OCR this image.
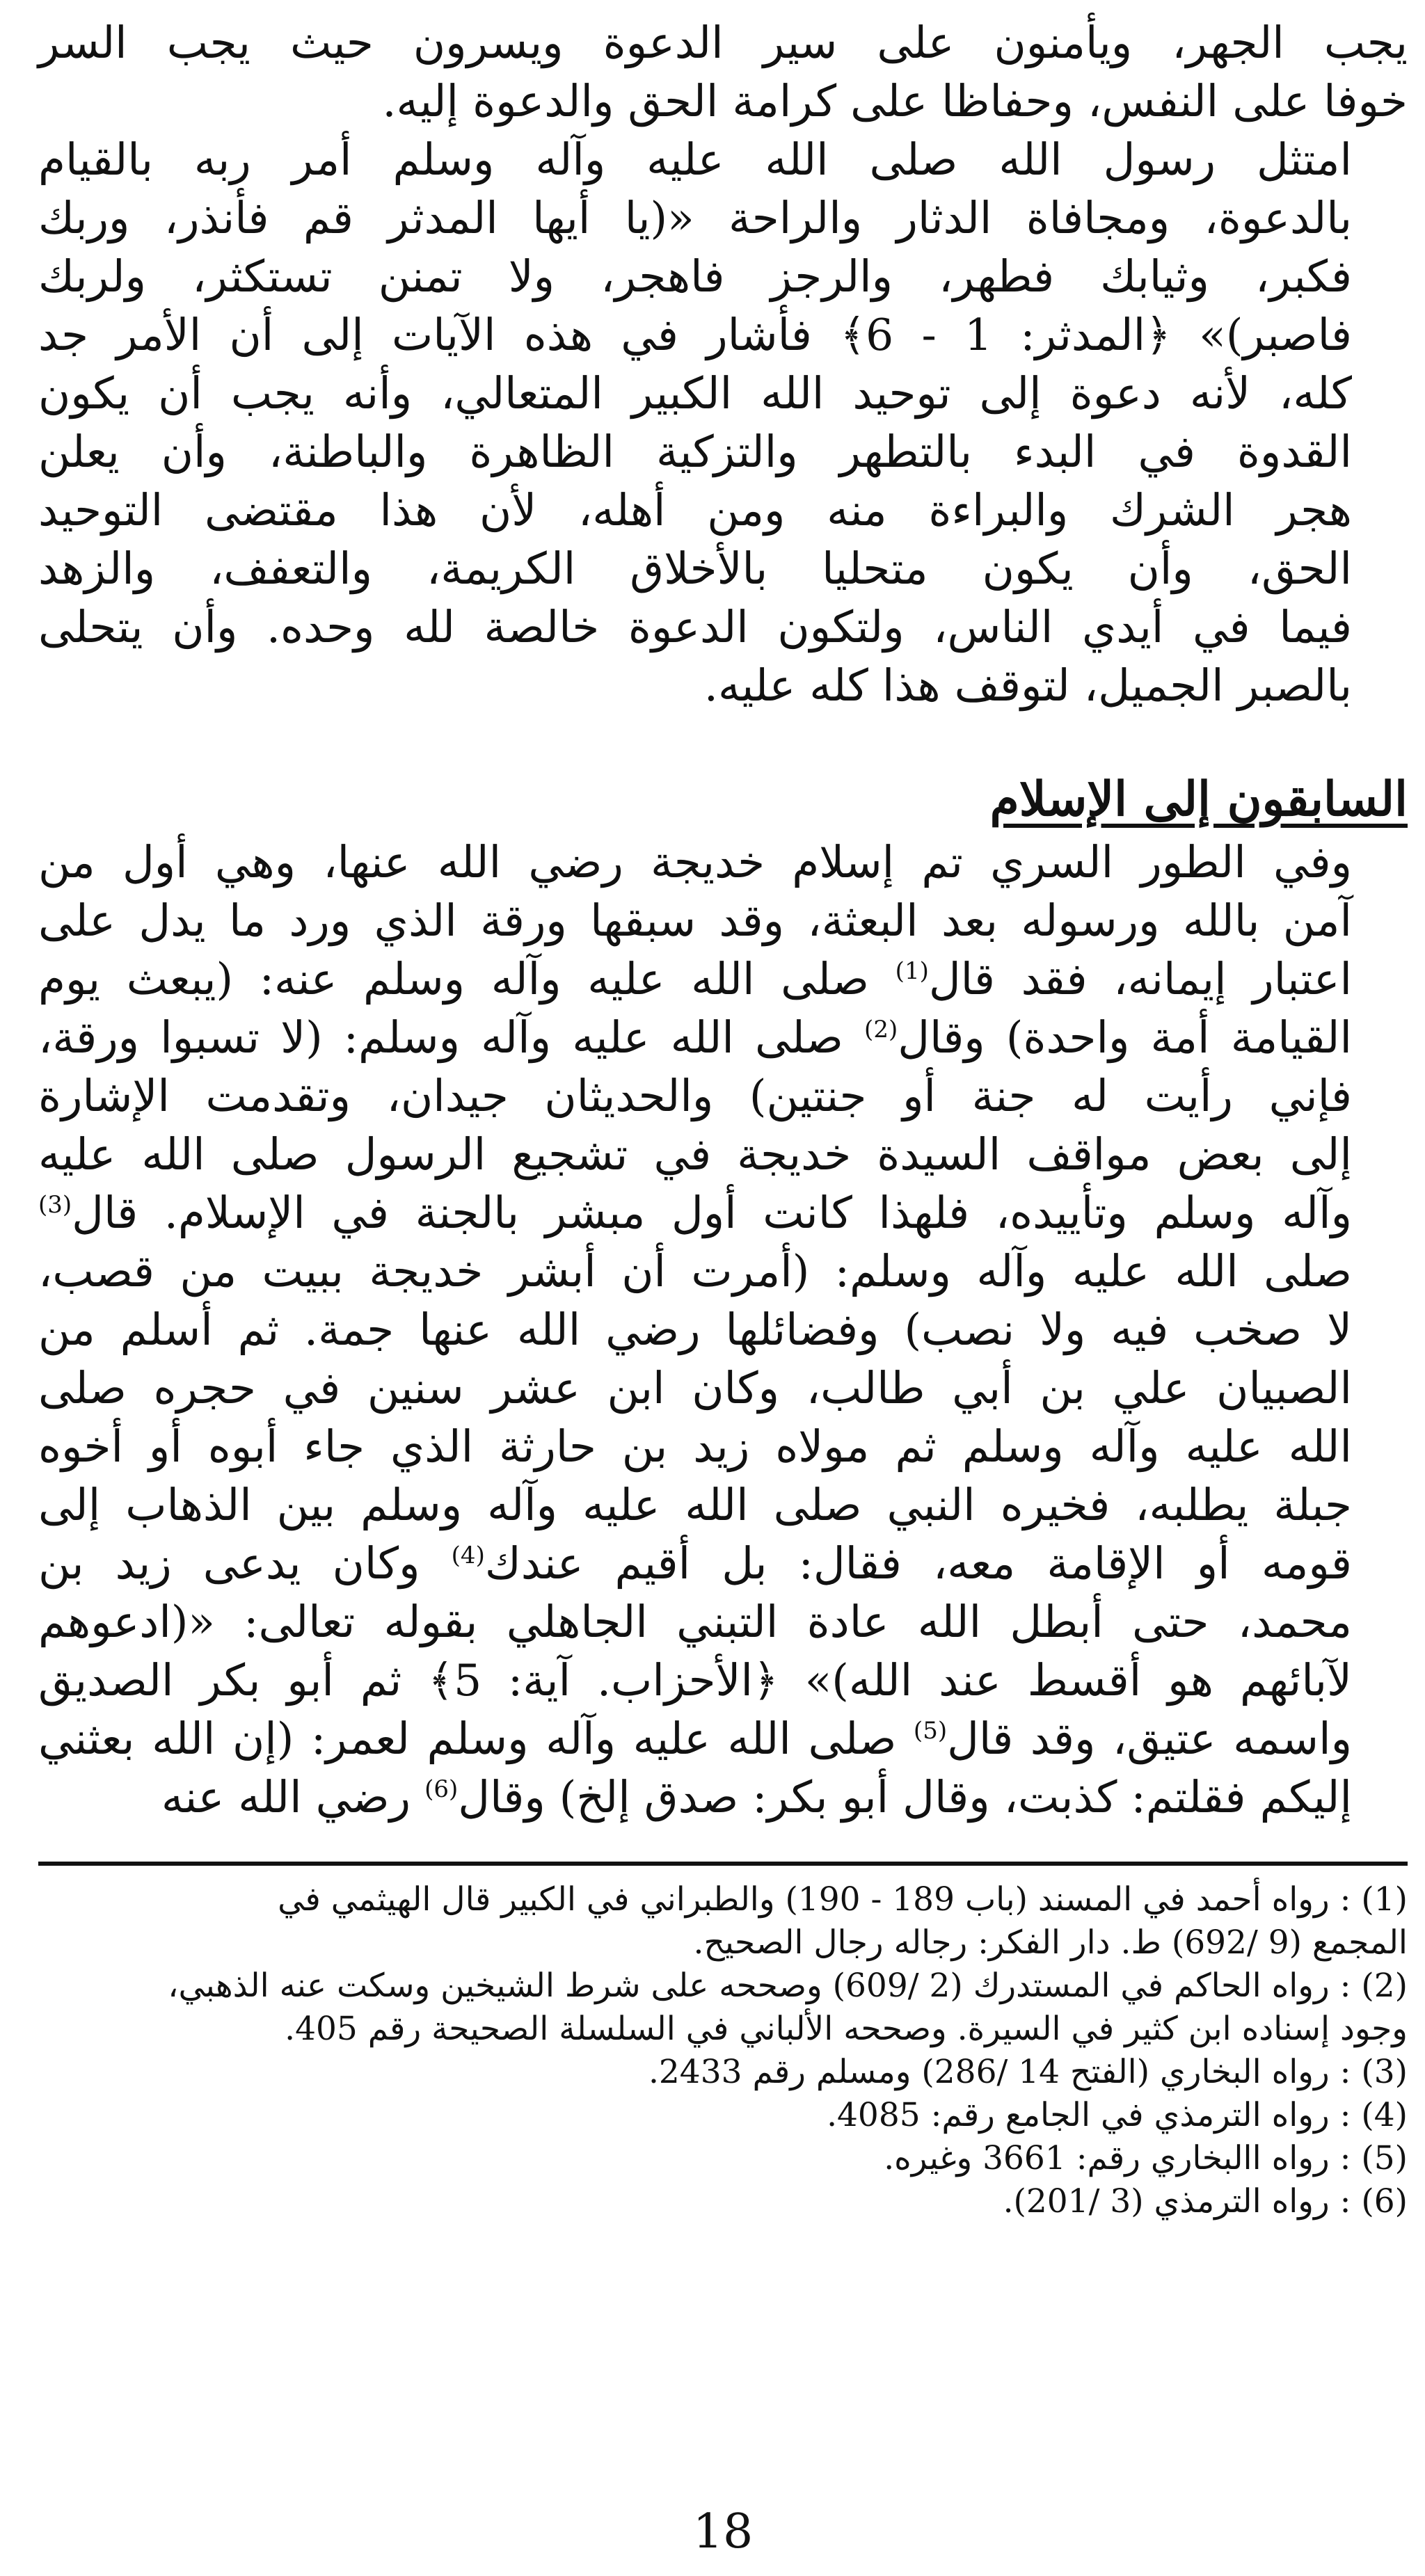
يجب الجهر، ويأمنون على سير الدعوة ويسرون حيث يجب السر
خوفا على النفس، وحفاظا على كرامة الحق والدعوة إليه.

امتثل رسول الله صلى الله عليه وآله وسلم أمر ربه بالقيام
بالدعوة، ومجافاة الدثار والراحة «(يا أيها المدثر قم فأنذر، وربك
فكبر، وثيابك فطهر، والرجز فاهجر، ولا تمنن تستكثر، ولربك
فاصبر)» ﴿المدثر: 1 - 6﴾ فأشار في هذه الآيات إلى أن الأمر جد
كله، لأنه دعوة إلى توحيد الله الكبير المتعالي، وأنه يجب أن يكون
القدوة في البدء بالتطهر والتزكية الظاهرة والباطنة، وأن يعلن
هجر الشرك والبراءة منه ومن أهله، لأن هذا مقتضى التوحيد
الحق، وأن يكون متحليا بالأخلاق الكريمة، والتعفف، والزهد
فيما في أيدي الناس، ولتكون الدعوة خالصة لله وحده. وأن يتحلى
بالصبر الجميل، لتوقف هذا كله عليه.

السابقون إلى الإسلام

وفي الطور السري تم إسلام خديجة رضي الله عنها، وهي أول من
آمن بالله ورسوله بعد البعثة، وقد سبقها ورقة الذي ورد ما يدل على
اعتبار إيمانه، فقد قال$^{(1)}$ صلى الله عليه وآله وسلم عنه: (يبعث يوم
القيامة أمة واحدة) وقال$^{(2)}$ صلى الله عليه وآله وسلم: (لا تسبوا ورقة،
فإني رأيت له جنة أو جنتين) والحديثان جيدان، وتقدمت الإشارة
إلى بعض مواقف السيدة خديجة في تشجيع الرسول صلى الله عليه
وآله وسلم وتأييده، فلهذا كانت أول مبشر بالجنة في الإسلام. قال$^{(3)}$
صلى الله عليه وآله وسلم: (أمرت أن أبشر خديجة ببيت من قصب،
لا صخب فيه ولا نصب) وفضائلها رضي الله عنها جمة. ثم أسلم من
الصبيان علي بن أبي طالب، وكان ابن عشر سنين في حجره صلى
الله عليه وآله وسلم ثم مولاه زيد بن حارثة الذي جاء أبوه أو أخوه
جبلة يطلبه، فخيره النبي صلى الله عليه وآله وسلم بين الذهاب إلى
قومه أو الإقامة معه، فقال: بل أقيم عندك$^{(4)}$ وكان يدعى زيد بن
محمد، حتى أبطل الله عادة التبني الجاهلي بقوله تعالى: «(ادعوهم
لآبائهم هو أقسط عند الله)» ﴿الأحزاب. آية: 5﴾ ثم أبو بكر الصديق
واسمه عتيق، وقد قال$^{(5)}$ صلى الله عليه وآله وسلم لعمر: (إن الله بعثني
إليكم فقلتم: كذبت، وقال أبو بكر: صدق إلخ) وقال$^{(6)}$ رضي الله عنه

(1) : رواه أحمد في المسند (باب 189 - 190) والطبراني في الكبير قال الهيثمي في

المجمع (9 /692) ط. دار الفكر: رجاله رجال الصحيح.

(2) : رواه الحاكم في المستدرك (2 /609) وصححه على شرط الشيخين وسكت عنه الذهبي،

وجود إسناده ابن كثير في السيرة. وصححه الألباني في السلسلة الصحيحة رقم 405.

(3) : رواه البخاري (الفتح 14 /286) ومسلم رقم 2433.

(4) : رواه الترمذي في الجامع رقم: 4085.

(5) : رواه االبخاري رقم: 3661 وغيره.

(6) : رواه الترمذي (3 /201).

18
